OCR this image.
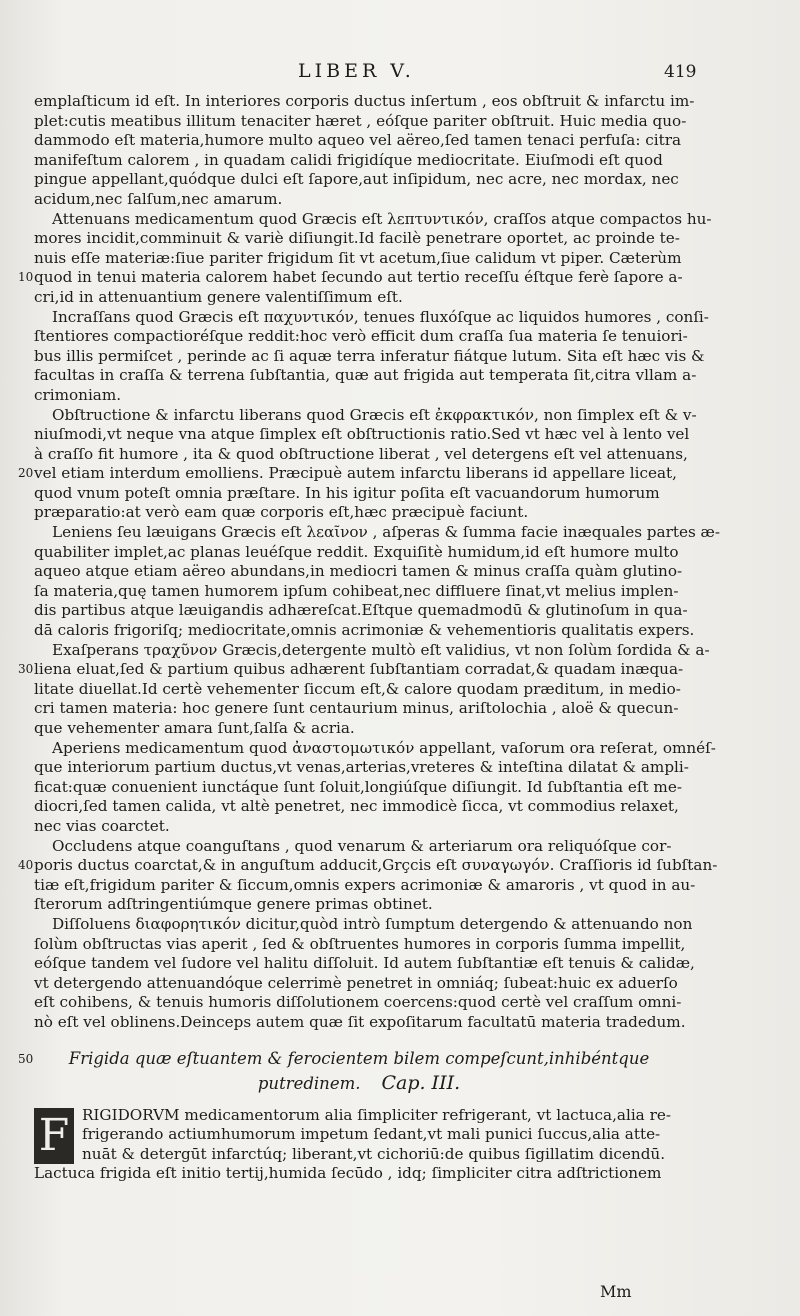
LIBER V.	419
emplaſticum id eſt. In interiores corporis ductus inſertum , eos obſtruit & infarctu im-
plet:cutis meatibus illitum tenaciter hæret , eóſque pariter obſtruit. Huic media quo-
dammodo eſt materia,humore multo aqueo vel aëreo,ſed tamen tenaci perfuſa: citra
manifeſtum calorem , in quadam calidi frigidíque mediocritate. Eiuſmodi eſt quod
pingue appellant,quódque dulci eſt ſapore,aut inſipidum, nec acre, nec mordax, nec
acidum,nec ſalſum,nec amarum.
Attenuans medicamentum quod Græcis eſt λεπτυντικόν, craſſos atque compactos hu-
mores incidit,comminuit & variè diſiungit.Id facilè penetrare oportet, ac proinde te-
nuis eſſe materiæ:ſiue pariter frigidum ſit vt acetum,ſiue calidum vt piper. Cæterùm
10 quod in tenui materia calorem habet ſecundo aut tertio receſſu éſtque ferè ſapore a-
cri,id in attenuantium genere valentiſſimum eſt.
Incraſſans quod Græcis eſt παχυντικόν, tenues fluxóſque ac liquidos humores , conſi-
ſtentiores compactioréſque reddit:hoc verò efficit dum craſſa ſua materia ſe tenuiori-
bus illis permiſcet , perinde ac ſi aquæ terra inferatur fiátque lutum. Sita eſt hæc vis &
facultas in craſſa & terrena ſubſtantia, quæ aut frigida aut temperata ſit,citra vllam a-
crimoniam.
Obſtructione & infarctu liberans quod Græcis eſt ἐκφρακτικόν, non ſimplex eſt & v-
niuſmodi,vt neque vna atque ſimplex eſt obſtructionis ratio.Sed vt hæc vel à lento vel
à craſſo fit humore , ita & quod obſtructione liberat , vel detergens eſt vel attenuans,
20 vel etiam interdum emolliens. Præcipuè autem infarctu liberans id appellare liceat,
quod vnum poteſt omnia præſtare. In his igitur poſita eſt vacuandorum humorum
præparatio:at verò eam quæ corporis eſt,hæc præcipuè faciunt.
Leniens ſeu læuigans Græcis eſt λεαῖνον , aſperas & ſumma facie inæquales partes æ-
quabiliter implet,ac planas leuéſque reddit. Exquiſitè humidum,id eſt humore multo
aqueo atque etiam aëreo abundans,in mediocri tamen & minus craſſa quàm glutino-
ſa materia,quę tamen humorem ipſum cohibeat,nec diffluere ſinat,vt melius implen-
dis partibus atque læuigandis adhæreſcat.Eſtque quemadmodū & glutinoſum in qua-
dā caloris frigoriſq; mediocritate,omnis acrimoniæ & vehementioris qualitatis expers.
Exaſperans τραχῦνον Græcis,detergente multò eſt validius, vt non ſolùm ſordida & a-
30 liena eluat,ſed & partium quibus adhærent ſubſtantiam corradat,& quadam inæqua-
litate diuellat.Id certè vehementer ſiccum eſt,& calore quodam præditum, in medio-
cri tamen materia: hoc genere ſunt centaurium minus, ariſtolochia , aloë & quecun-
que vehementer amara ſunt,ſalſa & acria.
Aperiens medicamentum quod ἀναστομωτικόν appellant, vaſorum ora reſerat, omnéſ-
que interiorum partium ductus,vt venas,arterias,vreteres & inteſtina dilatat & ampli-
ficat:quæ conuenient iunctáque ſunt ſoluit,longiúſque diſiungit. Id ſubſtantia eſt me-
diocri,ſed tamen calida, vt altè penetret, nec immodicè ſicca, vt commodius relaxet,
nec vias coarctet.
Occludens atque coanguſtans , quod venarum & arteriarum ora reliquóſque cor-
40 poris ductus coarctat,& in anguſtum adducit,Grçcis eſt συναγωγόν. Craſſioris id ſubſtan-
tiæ eſt,frigidum pariter & ſiccum,omnis expers acrimoniæ & amaroris , vt quod in au-
ſterorum adſtringentiúmque genere primas obtinet.
Diſſoluens διαφορητικόν dicitur,quòd intrò ſumptum detergendo & attenuando non
ſolùm obſtructas vias aperit , ſed & obſtruentes humores in corporis ſumma impellit,
eóſque tandem vel ſudore vel halitu diſſoluit. Id autem ſubſtantiæ eſt tenuis & calidæ,
vt detergendo attenuandóque celerrimè penetret in omniáq; ſubeat:huic ex aduerſo
eſt cohibens, & tenuis humoris diſſolutionem coercens:quod certè vel craſſum omni-
nò eſt vel oblinens.Deinceps autem quæ ſit expoſitarum facultatū materia tradedum.
50 Frigida quæ eſtuantem & ferocientem bilem compeſcunt,inhibéntque
putredinem. Cap. III.
F RIGIDORVM medicamentorum alia ſimpliciter refrigerant, vt lactuca,alia re-
frigerando actiumhumorum impetum ſedant,vt mali punici ſuccus,alia atte-
nuāt & detergūt infarctúq; liberant,vt cichoriū:de quibus ſigillatim dicendū.
Lactuca frigida eſt initio tertij,humida ſecūdo , idq; ſimpliciter citra adſtrictionem
Mm
